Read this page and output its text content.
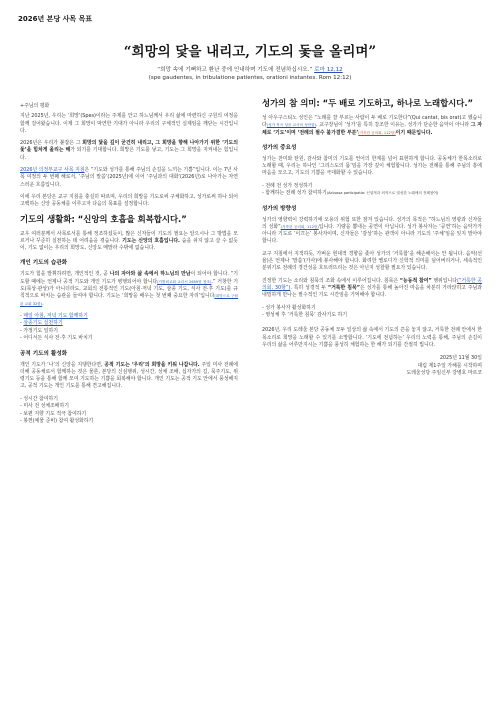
2026년 본당 사목 목표
“희망의 닻을 내리고, 기도의 돛을 올리며”
“희망 속에 기뻐하고 환난 중에 인내하며 기도에 전념하십시오.” 로마 12,12
(spe gaudentes, in tribulatione patientes, orationi instantes. Rom 12:12)

+주님의 평화

지난 2025년, 우리는 ‘희망’(Spes)이라는 주제를 안고 하느님께서 우리 삶에 마련하신 구원의 여정을 함께 걸어왔습니다. 이제 그 희망이 막연한 기대가 아니라 우리의 구체적인 실제임을 깨닫는 시간입니다.

2026년은 우리가 붙잡은 그 희망의 닻을 깊이 굳건히 내리고, 그 희망을 향해 나아가기 위한 ‘기도의 돛’을 힘차게 올리는 해가 되기를 기대합니다. 희망은 기도를 낳고, 기도는 그 희망을 지켜내는 힘입니다.

2026년 의정부교구 사목 지침은 “기도와 성가를 통해 주님의 손길을 느끼는 기쁨”입니다. 이는 7년 사목 여정의 두 번째 해로서, ‘주님의 말씀’(2025년)에 이어 ‘주님과의 대화’(2026년)로 나아가는 자연스러운 흐름입니다.

이에 우리 본당은 교구 지침을 충실히 따르며, 우리의 희망을 기도로써 구체화하고, 성가로써 하나 되어 고백하는 신앙 공동체를 이루고자 다음의 목표를 설정합니다.

기도의 생활화: “신앙의 호흡을 회복합시다.”

교우 여러분께서 사목로서를 통해 정조하셨듯이, 많은 신자들이 기도의 필요는 알으시나 그 방법을 모르거나 꾸준히 실천하는 데 어려움을 겪습니다. 기도는 신앙의 호흡입니다. 숨을 쉬지 않고 살 수 없듯이, 기도 없이는 우리의 희망도, 신앙도 메말라 수밖에 없습니다.

개인 기도의 습관화

기도가 힘을 발휘하려면, 개인적인 것, 곧 나의 자아와 삶 속에서 하느님의 만남이 되어야 합니다. “기도할 때에는 언제나 공적 기도와 개인 기도가 병행되어야 합니다(가톨릭교회 교리서 2659항 참조).” 거창한 기도(묵상·관상)가 아니더라도, 교회의 전통적인 기도(아침·저녁 기도, 삼종 기도, 식사 전·후 기도)를 규칙적으로 바치는 습관을 들여야 합니다. 기도는 ‘희망을 배우는 첫 번째 중요한 자리’입니다(희망으로 구원된 교회 32항).

- 매일 아침, 저녁 기도 함께하기
- 삼종기도 실천하기
- 가정기도 일하기
- 어디서든 식사 전·후 기도 바치기
공적 기도의 활성화

개인 기도가 ‘나’의 신앙을 지탱한다면, 공적 기도는 ‘우리’의 희망을 키워 나갑니다. 주일 미사 전례에 더해 공동체로서 함께하는 것은 물론, 본당의 신심행위, 성시간, 성체 조배, 십자가의 길, 묵주기도, 위령기도 등을 통해 함께 모여 기도하는 기쁨을 회복해야 합니다. 개인 기도는 공적 기도 안에서 풍성해지고, 공적 기도는 개인 기도를 통해 견고해집니다.

- 성시간 참여하기
- 미사 전 성체조배하기
- 보편 지향 기도 적극 참여하기
- 봉헌(예물 준비) 참여 활성화하기
성가의 참 의미: “두 배로 기도하고, 하나로 노래합시다.”

성 아우구스티노 성인은 “노래를 잘 부르는 사람이 두 배로 기도한다”(Qui cantat, bis orat)고 했습니다(성가 작곡 성음 교사의 성언함). 교구장님이 ‘성가’를 특히 강조한 이유는, 성가가 단순한 음악이 아니라 그 자체로 ‘기도’이며 ‘전례의 필수 불가결한 부분’(거룩한 공의회, 112항)이기 때문입니다.

성가의 중요성

성가는 찬미와 탄원, 감사와 참미의 기도를 언어의 한계를 넘어 표현하게 합니다. 공동체가 한목소리로 노래할 때, 우리는 하나인 ‘그리스도의 몸’임을 가장 깊이 체험합니다. 성가는 전례를 통해 주님의 흥에 마음을 모으고, 기도의 기쁨을 극대화할 수 있습니다.

- 전례 전 성가 정성하기
- 함께하는 전례 성가 참여하기(Actuosa participatio: 신앙적과 외적으로 열성한 노래에의 전례참여)
성가의 방향성

성가의 영향력이 강력하기에 오용의 위험 또한 잠겨 있습니다. 성가의 목적은 “하느님의 영광과 신자들의 성화”(거룩한 공의회, 112항)입니다. 기량을 뽐내는 공연이 아닙니다. 성가 봉사자는 ‘공연’하는 음악가가 아니라 기도로 ‘이끄는’ 봉사자이며, 신자들은 ‘감상’하는 관객이 아니라 기도의 ‘주체’임을 잊지 말아야 합니다.

교구 지침에서 지적하듯, 가벼운 현대적 경향을 좇아 성가의 ‘거룩함’을 해손해서는 안 됩니다. 음악(선율)은 언제나 ‘말씀’(가사)에 봉사해야 합니다. 화려한 멜로디가 신학적 의미를 덮어버리거나, 세속적인 분위기로 전례의 경건성을 흐트러뜨리는 것은 아닌지 성찰할 필요가 있습니다.

진정한 기도는 소리와 침묵의 조화 속에서 이루어집니다. 침묵은 “능동적 참여” 행위입니다(“거룩한 공의회, 30항”). 특히 성경적 두 “거룩한 침묵”은 성가를 통해 높아진 마음을 차분히 가라앉히고 주님과 내밀하게 만나는 필수적인 기도 시간임을 기억해야 합니다.

- 성가 봉사자 활성화하기
- 영성체 후 ‘거룩한 침묵’ 감사기도 하기

2026년, 우리 도레울 본당 공동체 모두 일상의 삶 속에서 기도의 끈을 놓지 않고, 거룩한 전례 안에서 한목소리로 희망을 노래할 수 있기를 소망합니다. ‘기도에 전념하는’ 우리의 노력을 통해, 주님의 손길이 우리의 삶을 어루만지시는 기쁨을 풍성히 체험하는 한 해가 되기를 간절히 빕니다.

2025년 11월 30일
대림 제1주일 가해를 시작하며
도레울성당 주임신부 강병호 마르코
